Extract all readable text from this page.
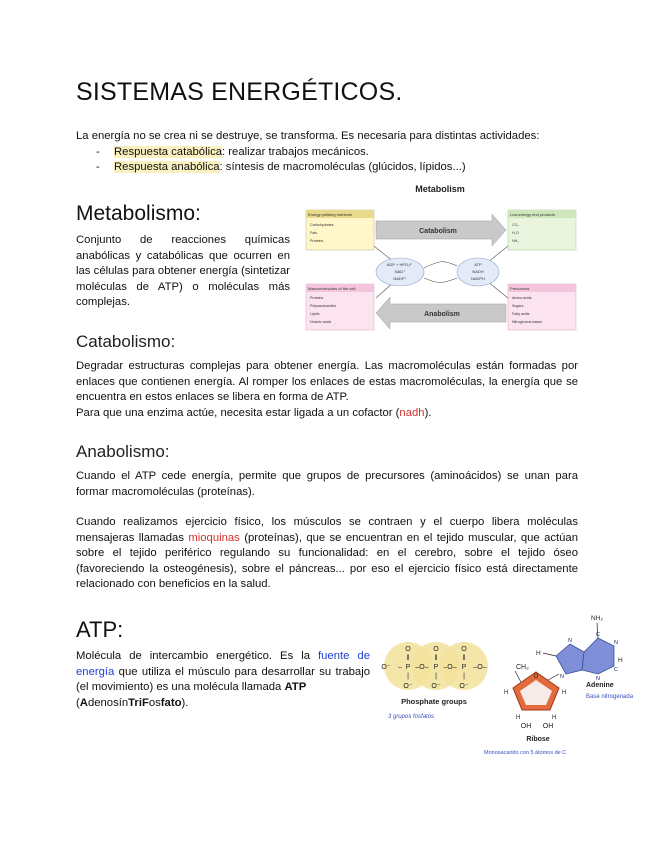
SISTEMAS ENERGÉTICOS.
La energía no se crea ni se destruye, se transforma. Es necesaria para distintas actividades:
- Respuesta catabólica: realizar trabajos mecánicos.
- Respuesta anabólica: síntesis de macromoléculas (glúcidos, lípidos...)
Metabolismo:
Conjunto de reacciones químicas anabólicas y catabólicas que ocurren en las células para obtener energía (sintetizar moléculas de ATP) o moléculas más complejas.
Metabolism
Energy-yielding nutrients
Carbohydrates
Fats
Proteins
Low-energy end products
CO₂
H₂O
NH₃
Macromolecules of the cell
Proteins
Polysaccharides
Lipids
Nucleic acids
Precursors
Amino acids
Sugars
Fatty acids
Nitrogenous bases
Catabolism
Anabolism
ADP + HPO₄²⁻
NAD⁺
NADP⁺
ATP
NADH
NADPH
Catabolismo:
Degradar estructuras complejas para obtener energía. Las macromoléculas están formadas por enlaces que contienen energía. Al romper los enlaces de estas macromoléculas, la energía que se encuentra en estos enlaces se libera en forma de ATP.
Para que una enzima actúe, necesita estar ligada a un cofactor (nadh).
Anabolismo:
Cuando el ATP cede energía, permite que grupos de precursores (aminoácidos) se unan para formar macromoléculas (proteínas).
Cuando realizamos ejercicio físico, los músculos se contraen y el cuerpo libera moléculas mensajeras llamadas mioquinas (proteínas), que se encuentran en el tejido muscular, que actúan sobre el tejido periférico regulando su funcionalidad: en el cerebro, sobre el tejido óseo (favoreciendo la osteogénesis), sobre el páncreas... por eso el ejercicio físico está directamente relacionado con beneficios en la salud.
ATP:
Molécula de intercambio energético. Es la fuente de energía que utiliza el músculo para desarrollar su trabajo (el movimiento) es una molécula llamada ATP
(AdenosínTriFosfato).
O⁻ – P
O
O⁻
–O– P
O
O⁻
–O– P
O
O⁻
–O–
‖	‖	‖
|	|	|
CH₂
Phosphate groups
3 grupos fosfatos
O
H
H	H
H
OH OH
Ribose
Monosacarido con 5 átomos de C
NH₂
H
H
N
N
C
N
C
N
Adenine
Base nitrogenada
